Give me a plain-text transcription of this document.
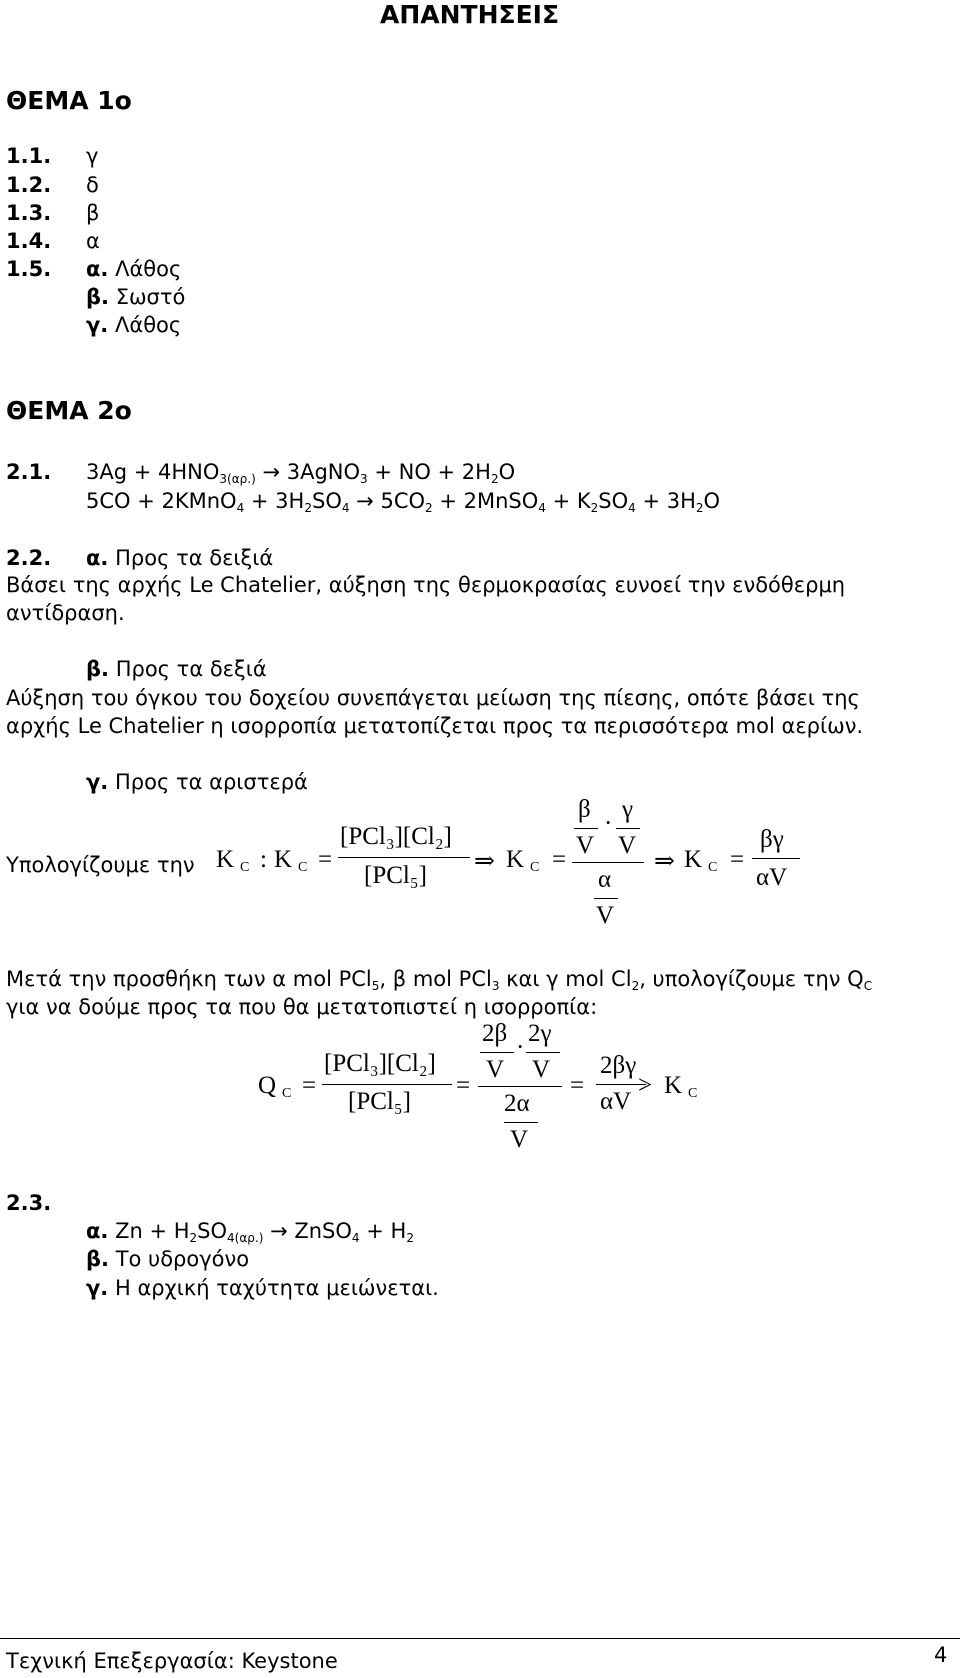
ΑΠΑΝΤΗΣΕΙΣ
ΘΕΜΑ 1ο
1.1. γ
1.2. δ
1.3. β
1.4. α
1.5. α. Λάθος
β. Σωστό
γ. Λάθος
ΘΕΜΑ 2ο
2.1. $3Ag + 4HNO_{3(\alpha\rho.)}$ → 3AgNO$_3$ + NO + $2H_2O$
5CO + 2KMnO$_4$ + $3H_2SO_4 \to 5CO_2$ + 2MnSO$_4$ + $K_2SO_4 + 3H_2O$
2.2. α. Προς τα δειξιά
Βάσει της αρχής Le Chatelier, αύξηση της θερμοκρασίας ευνοεί την ενδόθερμη
αντίδραση.
β. Προς τα δεξιά
Αύξηση του όγκου του δοχείου συνεπάγεται μείωση της πίεσης, οπότε βάσει της
αρχής Le Chatelier η ισορροπία μετατοπίζεται προς τα περισσότερα mol αερίων.
γ. Προς τα αριστερά
Υπολογίζουμε την K C : K C =
[PCl₃][Cl₂]
[PCl₅]
⇒ K C =
β
V
·
γ
V
α
V
⇒ K C =
βγ
αV
Μετά την προσθήκη των α mol PCl$_5$, β mol PCl$_3$ και γ mol $Cl_2$, υπολογίζουμε την $Q_C$
για να δούμε προς τα που θα μετατοπιστεί η ισορροπία:
Q C =
[PCl₃][Cl₂]
[PCl₅]
=
2β
V
·
2γ
V
2α
V
=
2βγ
αV
> K C
2.3.
α. $Zn + H_2SO_{4(\alpha\rho.)}$ → ZnSO$_4$ + $H_2$
β. Το υδρογόνο
γ. Η αρχική ταχύτητα μειώνεται.
Τεχνική Επεξεργασία: Keystone	4
